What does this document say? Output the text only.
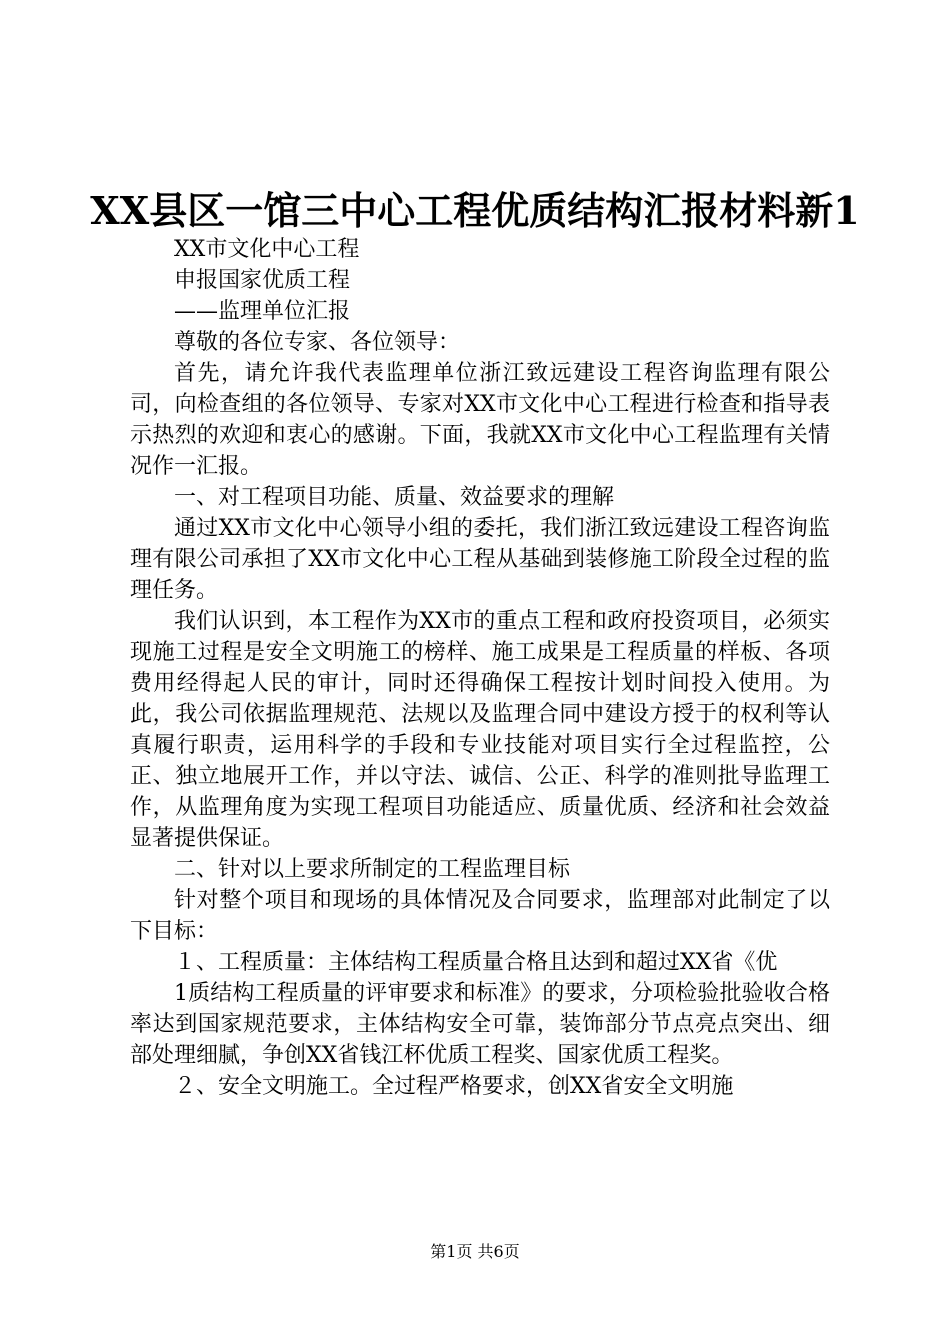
XX县区一馆三中心工程优质结构汇报材料新1

XX市文化中心工程

申报国家优质工程

——监理单位汇报

尊敬的各位专家、各位领导：

首先，请允许我代表监理单位浙江致远建设工程咨询监理有限公司，向检查组的各位领导、专家对XX市文化中心工程进行检查和指导表示热烈的欢迎和衷心的感谢。下面，我就XX市文化中心工程监理有关情况作一汇报。

一、对工程项目功能、质量、效益要求的理解

通过XX市文化中心领导小组的委托，我们浙江致远建设工程咨询监理有限公司承担了XX市文化中心工程从基础到装修施工阶段全过程的监理任务。

我们认识到，本工程作为XX市的重点工程和政府投资项目，必须实现施工过程是安全文明施工的榜样、施工成果是工程质量的样板、各项费用经得起人民的审计，同时还得确保工程按计划时间投入使用。为此，我公司依据监理规范、法规以及监理合同中建设方授于的权利等认真履行职责，运用科学的手段和专业技能对项目实行全过程监控，公正、独立地展开工作，并以守法、诚信、公正、科学的准则批导监理工作，从监理角度为实现工程项目功能适应、质量优质、经济和社会效益显著提供保证。

二、针对以上要求所制定的工程监理目标

针对整个项目和现场的具体情况及合同要求，监理部对此制定了以下目标：

１、工程质量：主体结构工程质量合格且达到和超过XX省《优

1质结构工程质量的评审要求和标准》的要求，分项检验批验收合格率达到国家规范要求，主体结构安全可靠，装饰部分节点亮点突出、细部处理细腻，争创XX省钱江杯优质工程奖、国家优质工程奖。

２、安全文明施工。全过程严格要求，创XX省安全文明施

第1页 共6页
